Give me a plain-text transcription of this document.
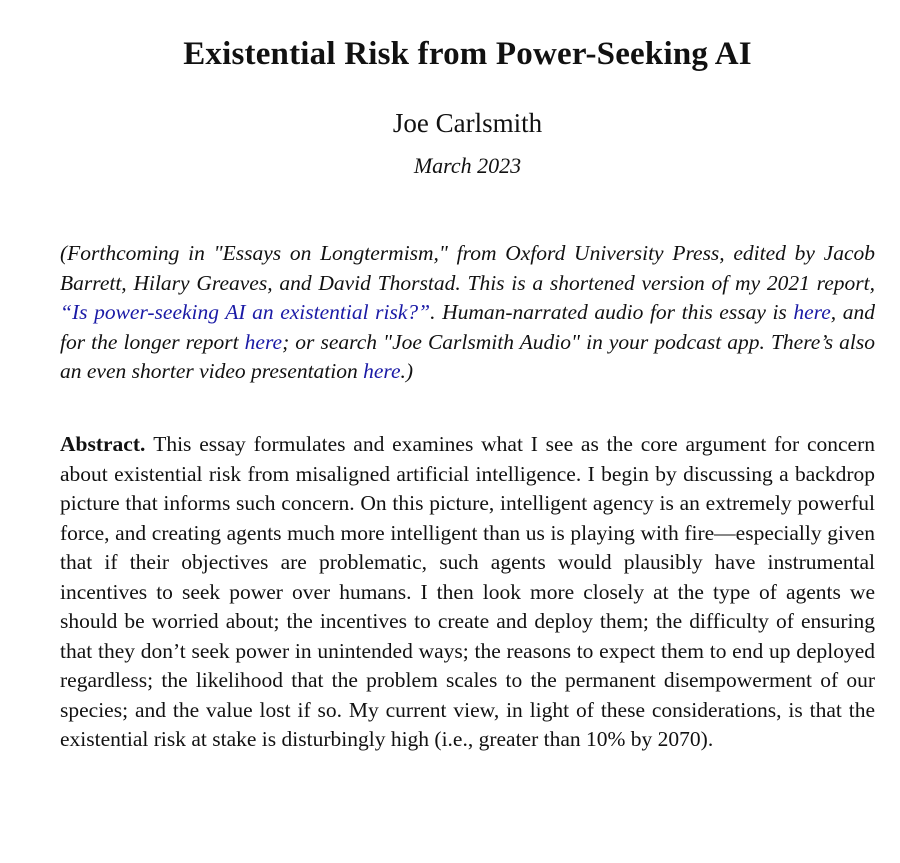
Existential Risk from Power-Seeking AI
Joe Carlsmith
March 2023
(Forthcoming in "Essays on Longtermism," from Oxford University Press, edited by Jacob Barrett, Hilary Greaves, and David Thorstad. This is a shortened version of my 2021 report, “Is power-seeking AI an existential risk?”. Human-narrated audio for this essay is here, and for the longer report here; or search "Joe Carlsmith Audio" in your podcast app. There’s also an even shorter video presentation here.)
Abstract. This essay formulates and examines what I see as the core argument for concern about existential risk from misaligned artificial intelligence. I begin by discussing a backdrop picture that informs such concern. On this picture, intelligent agency is an extremely powerful force, and creating agents much more intelligent than us is playing with fire—especially given that if their objectives are problematic, such agents would plausibly have instrumental incentives to seek power over humans. I then look more closely at the type of agents we should be worried about; the incentives to create and deploy them; the difficulty of ensuring that they don’t seek power in unintended ways; the reasons to expect them to end up deployed regardless; the likelihood that the problem scales to the permanent disempowerment of our species; and the value lost if so. My current view, in light of these considerations, is that the existential risk at stake is disturbingly high (i.e., greater than 10% by 2070).
